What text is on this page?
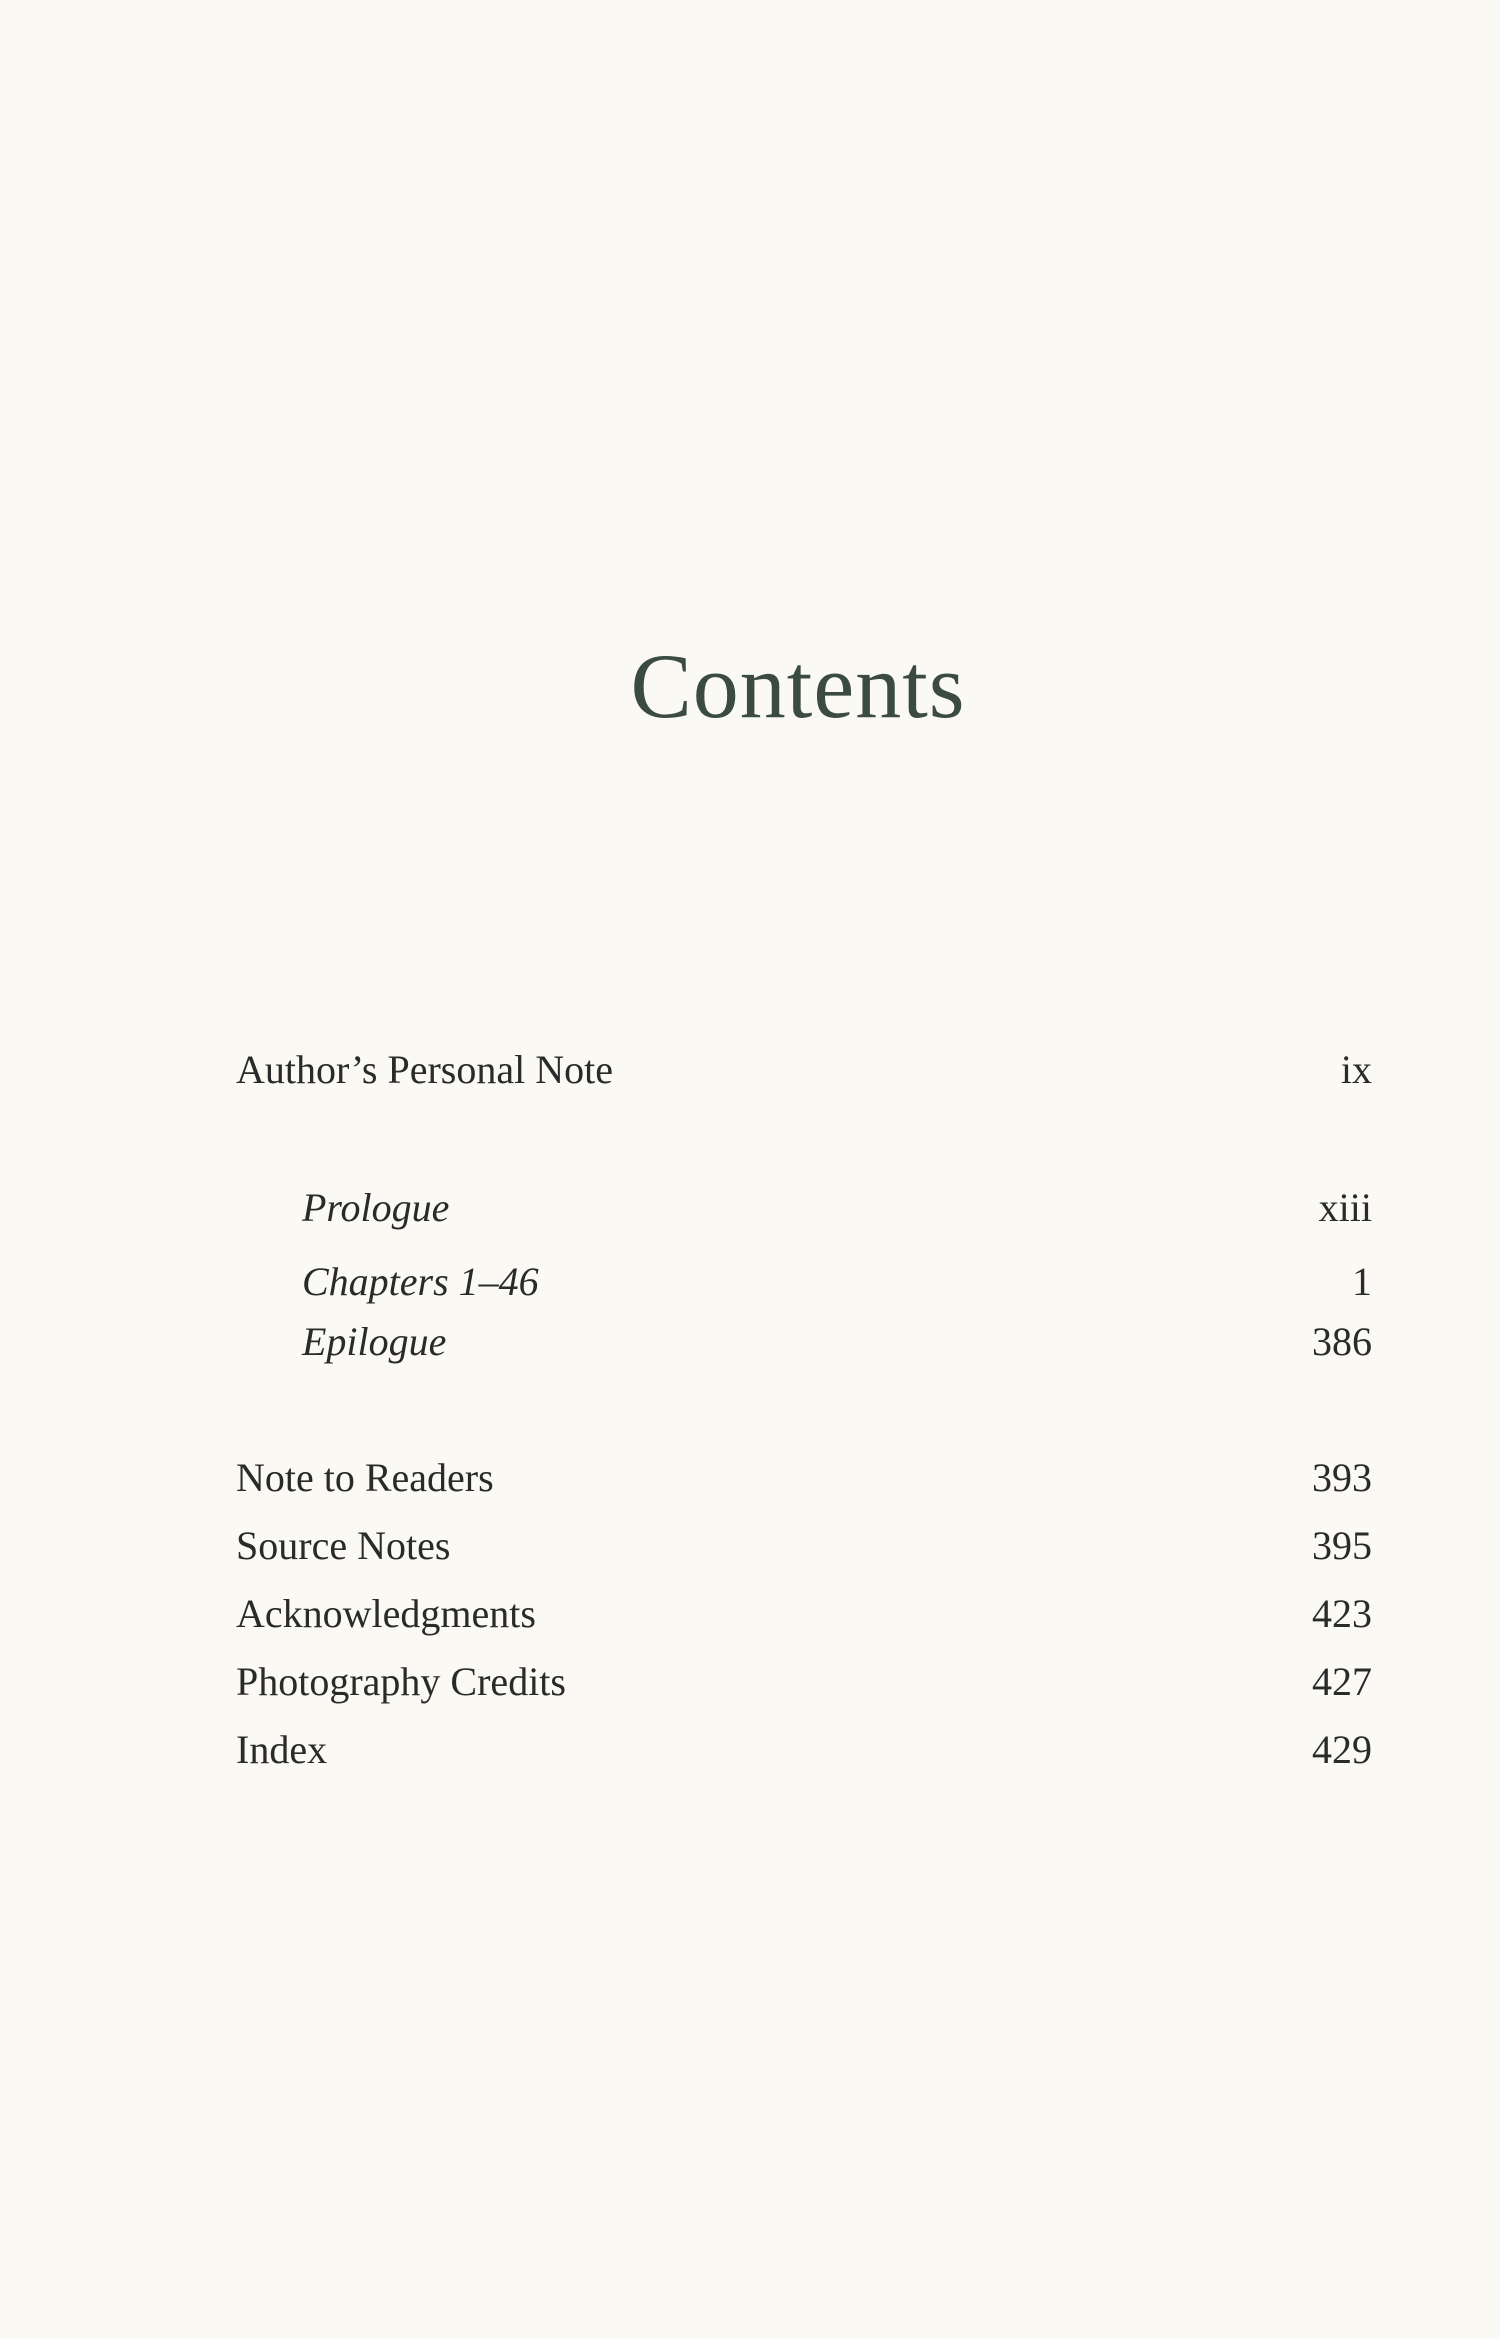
Contents
Author’s Personal Note	ix
Prologue	xiii
Chapters 1–46	1
Epilogue	386
Note to Readers	393
Source Notes	395
Acknowledgments	423
Photography Credits	427
Index	429
